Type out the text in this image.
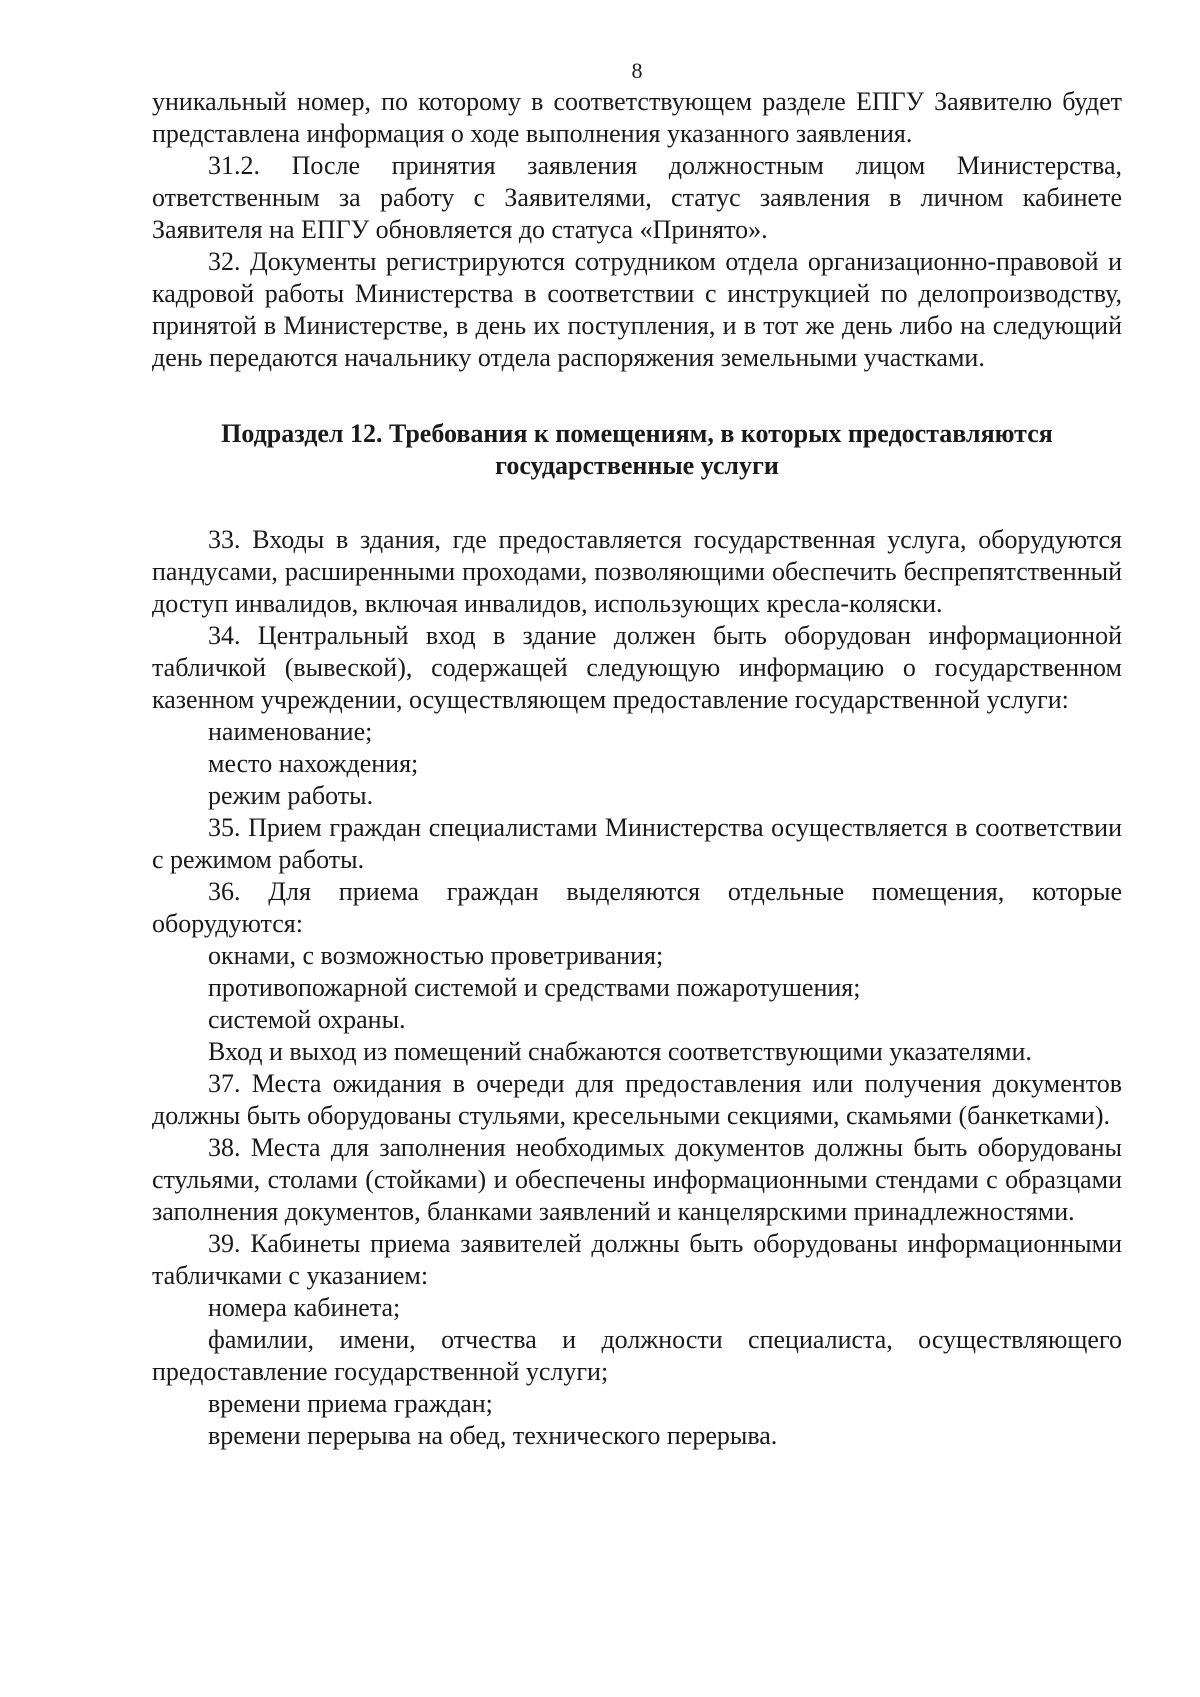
8

уникальный номер, по которому в соответствующем разделе ЕПГУ Заявителю будет представлена информация о ходе выполнения указанного заявления.

31.2. После принятия заявления должностным лицом Министерства, ответственным за работу с Заявителями, статус заявления в личном кабинете Заявителя на ЕПГУ обновляется до статуса «Принято».

32. Документы регистрируются сотрудником отдела организационно-правовой и кадровой работы Министерства в соответствии с инструкцией по делопроизводству, принятой в Министерстве, в день их поступления, и в тот же день либо на следующий день передаются начальнику отдела распоряжения земельными участками.

Подраздел 12. Требования к помещениям, в которых предоставляются
государственные услуги

33. Входы в здания, где предоставляется государственная услуга, оборудуются пандусами, расширенными проходами, позволяющими обеспечить беспрепятственный доступ инвалидов, включая инвалидов, использующих кресла-коляски.

34. Центральный вход в здание должен быть оборудован информационной табличкой (вывеской), содержащей следующую информацию о государственном казенном учреждении, осуществляющем предоставление государственной услуги:

наименование;

место нахождения;

режим работы.

35. Прием граждан специалистами Министерства осуществляется в соответствии с режимом работы.

36. Для приема граждан выделяются отдельные помещения, которые оборудуются:

окнами, с возможностью проветривания;

противопожарной системой и средствами пожаротушения;

системой охраны.

Вход и выход из помещений снабжаются соответствующими указателями.

37. Места ожидания в очереди для предоставления или получения документов должны быть оборудованы стульями, кресельными секциями, скамьями (банкетками).

38. Места для заполнения необходимых документов должны быть оборудованы стульями, столами (стойками) и обеспечены информационными стендами с образцами заполнения документов, бланками заявлений и канцелярскими принадлежностями.

39. Кабинеты приема заявителей должны быть оборудованы информационными табличками с указанием:

номера кабинета;

фамилии, имени, отчества и должности специалиста, осуществляющего предоставление государственной услуги;

времени приема граждан;

времени перерыва на обед, технического перерыва.
